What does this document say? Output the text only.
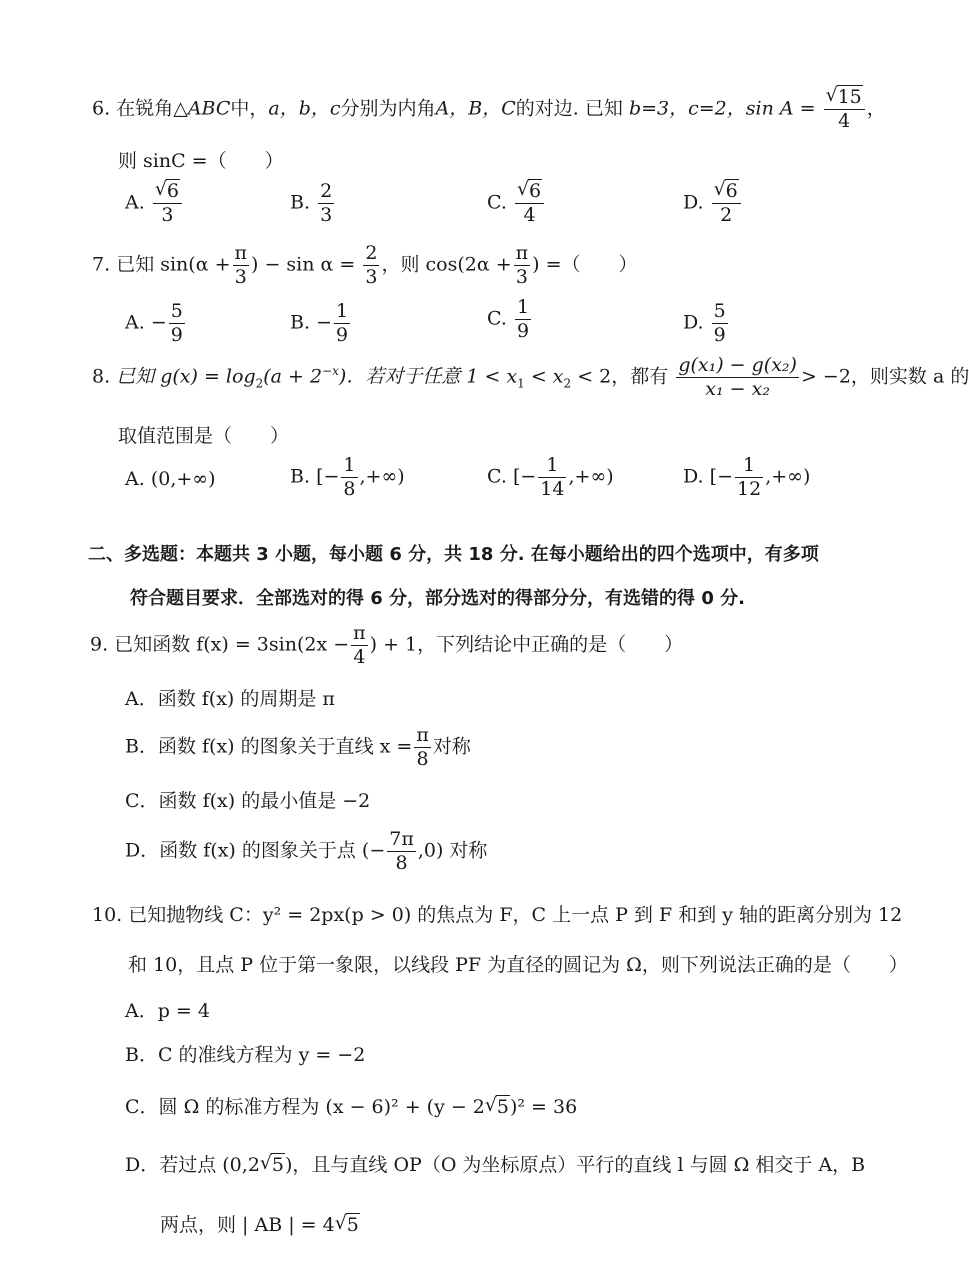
6. 在锐角△ABC中，a，b，c分别为内角A，B，C的对边. 已知 b=3，c=2，sin A = √ $\frac{15}{4}$ ，
则 sinC =（　　）
A. √ $\frac{6}{3}$	B. $\frac{2}{3}$	C. √ $\frac{6}{4}$	D. √ $\frac{6}{2}$
7. 已知 $\sin(\alpha + \frac{\pi}{3}$ ) − $\sin \alpha = \frac{2}{3}$ ，则 $\cos(2\alpha + \frac{\pi}{3}$ ) =（　　）
A. − $\frac{5}{9}$	B. − $\frac{1}{9}$	C. $\frac{1}{9}$	D. $\frac{5}{9}$
8. 已知 $g(x) = \log_2(a + 2^{-x})$．若对于任意 $1 < x_1 < x_2 < 2$，都有 $\frac{\text{g(x₁) − g(x₂)}}{\text{x₁ − x₂}} > -2$，则实数 a 的
取值范围是（　　）
A. (0,+∞)	B. [− $\frac{1}{8}$ ,+∞)	C. [− $\frac{1}{14}$ ,+∞)	D. [− $\frac{1}{12}$ ,+∞)
二、多选题：本题共 3 小题，每小题 6 分，共 18 分. 在每小题给出的四个选项中，有多项
符合题目要求．全部选对的得 6 分，部分选对的得部分分，有选错的得 0 分.
9. 已知函数 $f(x) = 3\sin(2x - \frac{\pi}{4}$ ) + 1，下列结论中正确的是（　　）
A．函数 f(x) 的周期是 π
B．函数 f(x) 的图象关于直线 $x = \frac{\pi}{8}$ 对称
C．函数 f(x) 的最小值是 −2
D．函数 f(x) 的图象关于点 (− $\frac{7\pi}{8} ,0$) 对称
10. 已知抛物线 C：y² = 2px(p > 0) 的焦点为 F，C 上一点 P 到 F 和到 y 轴的距离分别为 12
和 10，且点 P 位于第一象限，以线段 PF 为直径的圆记为 Ω，则下列说法正确的是（　　）
A．p = 4
B．C 的准线方程为 y = −2
C．圆 Ω 的标准方程为 (x − 6)² + (y − 2 √ 5)² = 36
D．若过点 (0,2 √ 5)，且与直线 OP（O 为坐标原点）平行的直线 l 与圆 Ω 相交于 A，B
两点，则 | AB | = 4 √ 5
